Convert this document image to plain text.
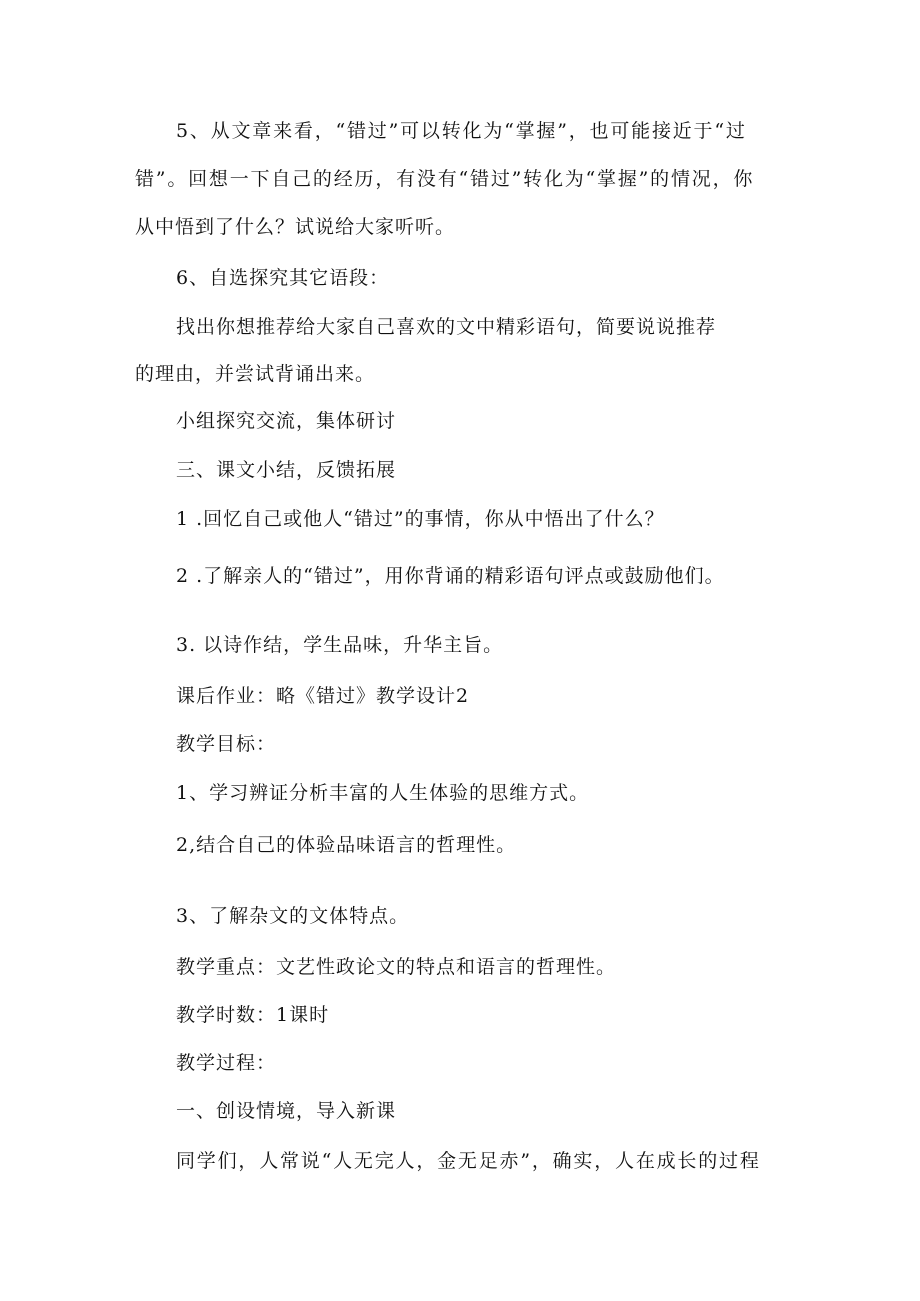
5、从文章来看，“错过”可以转化为“掌握”，也可能接近于“过
错”。回想一下自己的经历，有没有“错过”转化为“掌握”的情况，你
从中悟到了什么？试说给大家听听。
6、自选探究其它语段：
找出你想推荐给大家自己喜欢的文中精彩语句，简要说说推荐
的理由，并尝试背诵出来。
小组探究交流，集体研讨
三、课文小结，反馈拓展
1 .回忆自己或他人“错过”的事情，你从中悟出了什么？
2 .了解亲人的“错过”，用你背诵的精彩语句评点或鼓励他们。
3. 以诗作结，学生品味，升华主旨。
课后作业：略《错过》教学设计2
教学目标：
1、学习辨证分析丰富的人生体验的思维方式。
2,结合自己的体验品味语言的哲理性。
3、了解杂文的文体特点。
教学重点：文艺性政论文的特点和语言的哲理性。
教学时数：1课时
教学过程：
一、创设情境，导入新课
同学们，人常说“人无完人，金无足赤”，确实，人在成长的过程
